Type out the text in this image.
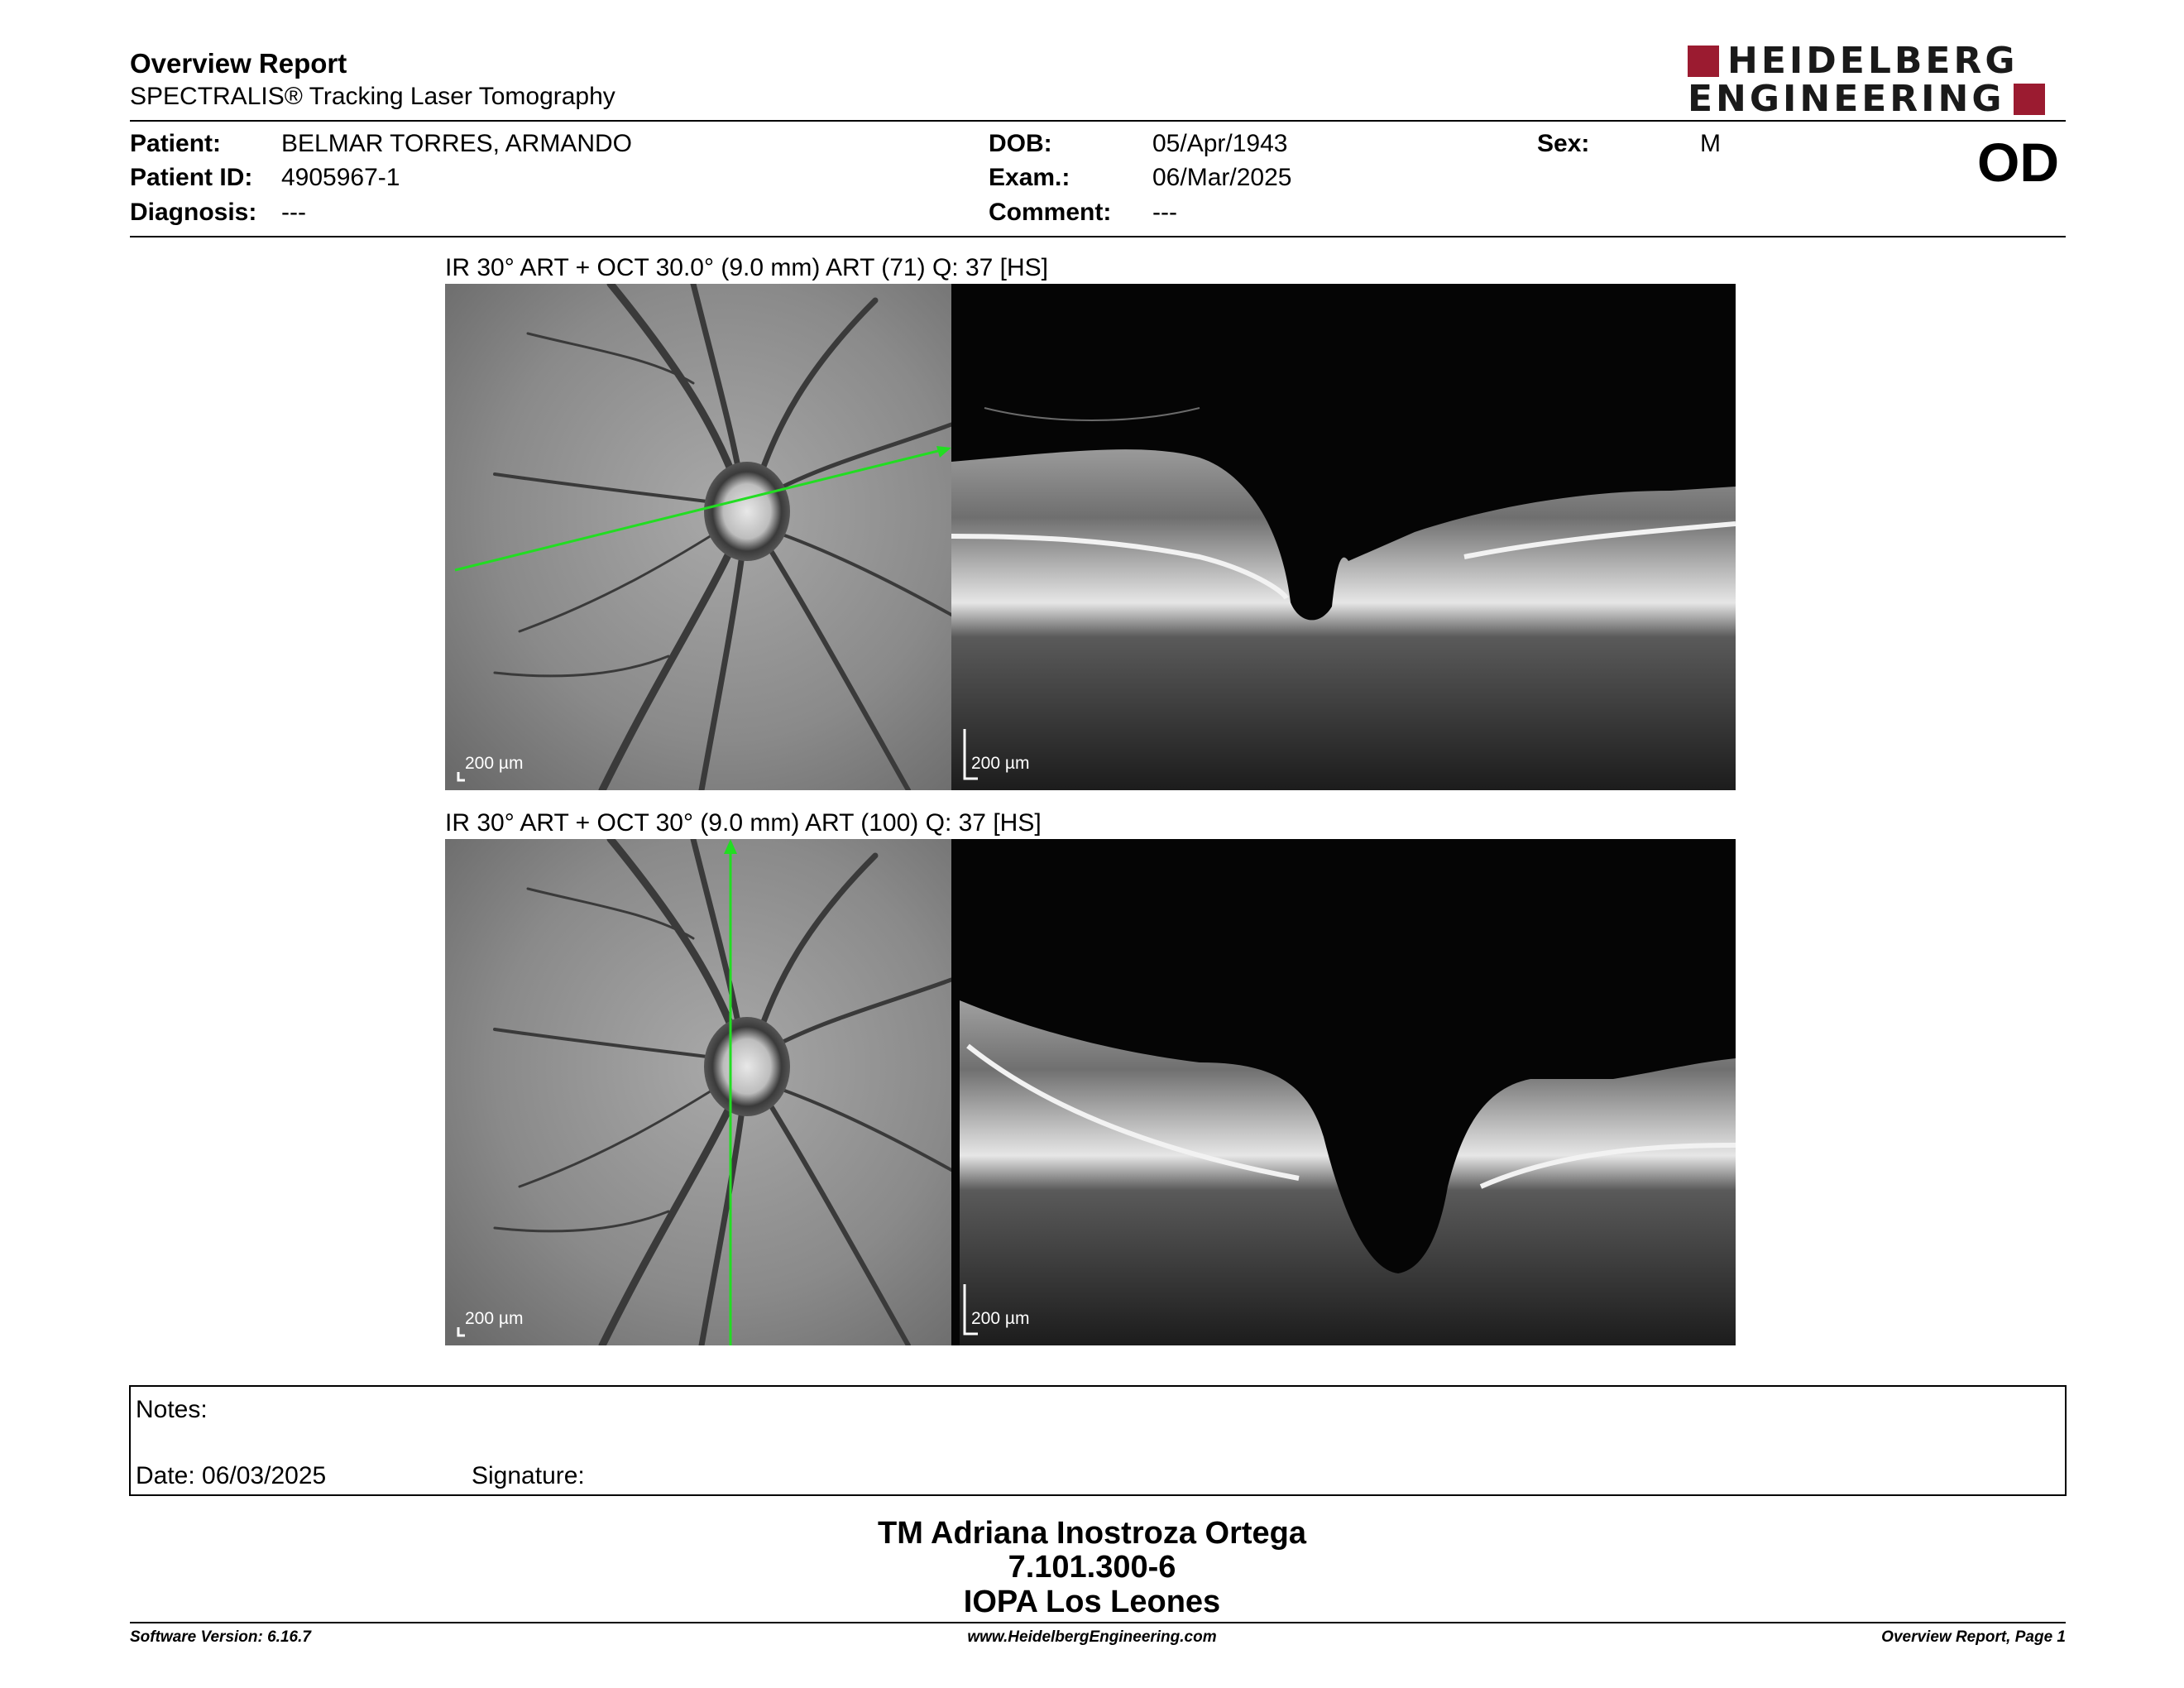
Overview Report
SPECTRALIS® Tracking Laser Tomography
HEIDELBERG
ENGINEERING
Patient: BELMAR TORRES, ARMANDO
Patient ID: 4905967-1
Diagnosis: ---
DOB:	05/Apr/1943
Exam.:	06/Mar/2025
Comment: ---
Sex:	M	OD
IR 30° ART + OCT 30.0° (9.0 mm) ART (71) Q: 37 [HS]
200 µm	200 µm
IR 30° ART + OCT 30° (9.0 mm) ART (100) Q: 37 [HS]
200 µm	200 µm
Notes:
Date: 06/03/2025	Signature:
TM Adriana Inostroza Ortega
7.101.300-6
IOPA Los Leones
Software Version: 6.16.7	www.HeidelbergEngineering.com	Overview Report, Page 1
